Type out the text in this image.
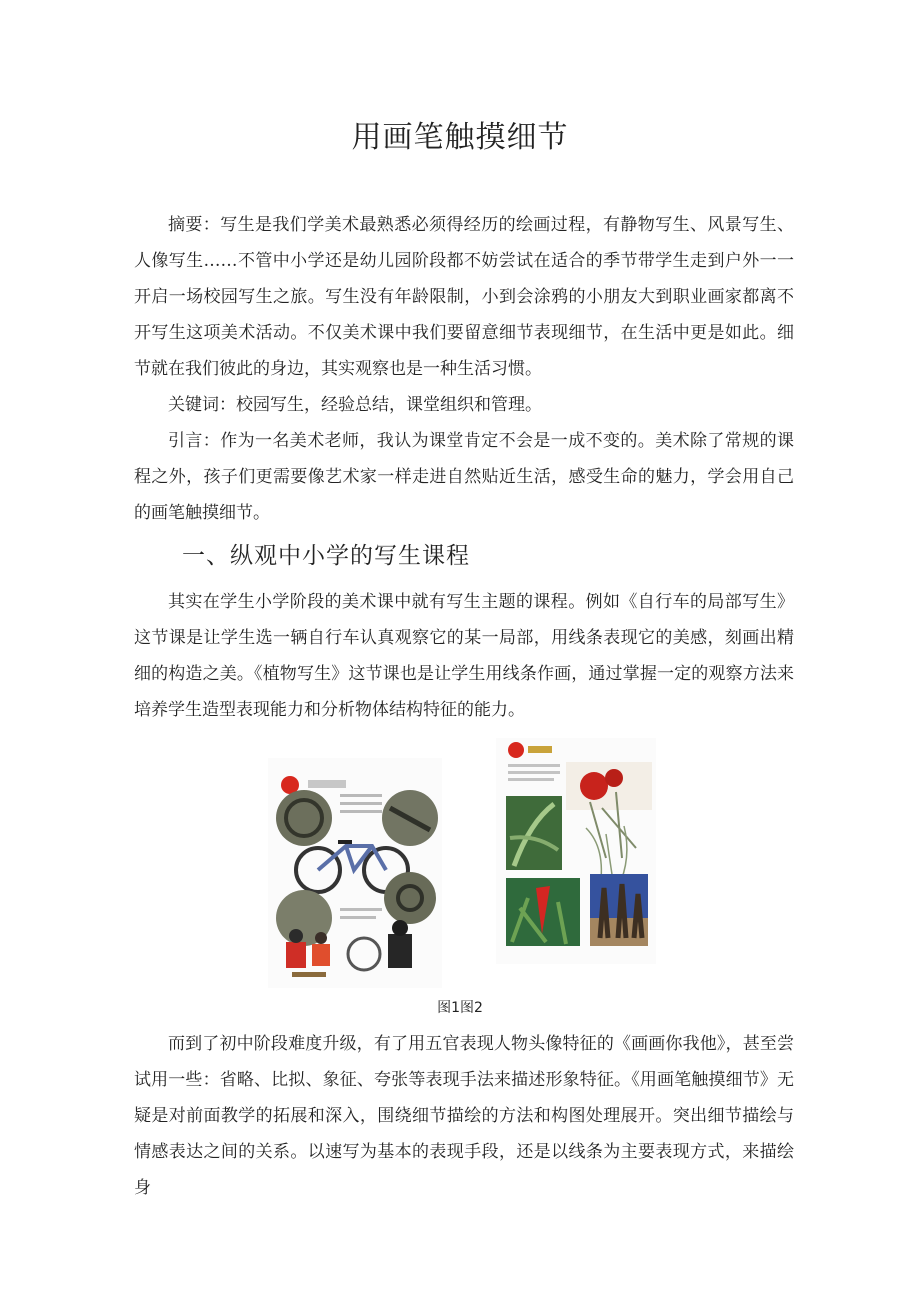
用画笔触摸细节

摘要：写生是我们学美术最熟悉必须得经历的绘画过程，有静物写生、风景写生、人像写生……不管中小学还是幼儿园阶段都不妨尝试在适合的季节带学生走到户外一一开启一场校园写生之旅。写生没有年龄限制，小到会涂鸦的小朋友大到职业画家都离不开写生这项美术活动。不仅美术课中我们要留意细节表现细节，在生活中更是如此。细节就在我们彼此的身边，其实观察也是一种生活习惯。

关键词：校园写生，经验总结，课堂组织和管理。

引言：作为一名美术老师，我认为课堂肯定不会是一成不变的。美术除了常规的课程之外，孩子们更需要像艺术家一样走进自然贴近生活，感受生命的魅力，学会用自己的画笔触摸细节。

一、纵观中小学的写生课程

其实在学生小学阶段的美术课中就有写生主题的课程。例如《自行车的局部写生》这节课是让学生选一辆自行车认真观察它的某一局部，用线条表现它的美感，刻画出精细的构造之美。《植物写生》这节课也是让学生用线条作画，通过掌握一定的观察方法来培养学生造型表现能力和分析物体结构特征的能力。

图1图2

而到了初中阶段难度升级，有了用五官表现人物头像特征的《画画你我他》，甚至尝试用一些：省略、比拟、象征、夸张等表现手法来描述形象特征。《用画笔触摸细节》无疑是对前面教学的拓展和深入，围绕细节描绘的方法和构图处理展开。突出细节描绘与情感表达之间的关系。以速写为基本的表现手段，还是以线条为主要表现方式，来描绘身
